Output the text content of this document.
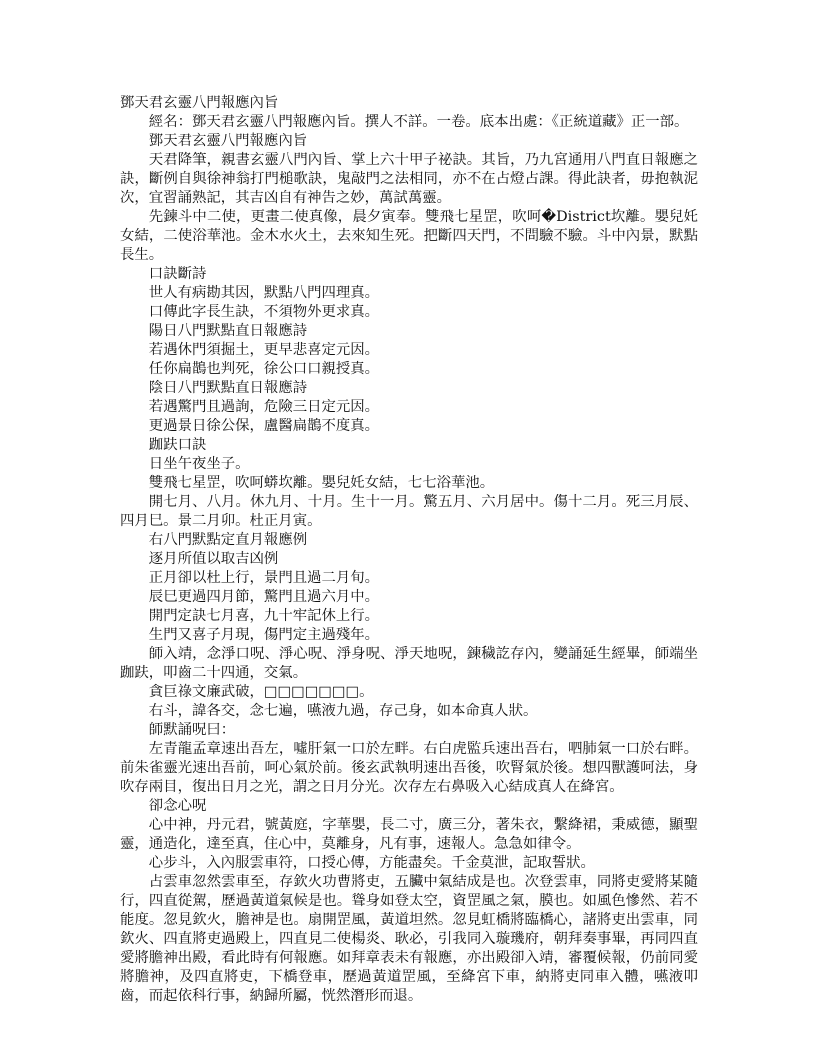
鄧天君玄靈八門報應內旨

經名：鄧天君玄靈八門報應內旨。撰人不詳。一卷。底本出處：《正統道藏》正一部。

鄧天君玄靈八門報應內旨

天君降筆，親書玄靈八門內旨、掌上六十甲子祕訣。其旨，乃九宮通用八門直日報應之訣，斷例自與徐神翁打門槌歌訣，鬼敲門之法相同，亦不在占燈占課。得此訣者，毋抱執泥次，宜習誦熟記，其吉凶自有神告之妙，萬試萬靈。

先鍊斗中二使，更畫二使真像，晨夕寅奉。雙飛七星罡，吹呵�District坎離。嬰兒奼女結，二使浴華池。金木水火土，去來知生死。把斷四天門，不問驗不驗。斗中內景，默點長生。

口訣斷詩

世人有病勘其因，默點八門四理真。

口傳此字長生訣，不須物外更求真。

陽日八門默點直日報應詩

若遇休門須掘土，更早悲喜定元因。

任你扁鵲也判死，徐公口口親授真。

陰日八門默點直日報應詩

若遇驚門且過詢，危險三日定元因。

更過景日徐公保，盧醫扁鵲不度真。

跏趺口訣

日坐午夜坐子。

雙飛七星罡，吹呵蟒坎離。嬰兒奼女結，七七浴華池。

開七月、八月。休九月、十月。生十一月。驚五月、六月居中。傷十二月。死三月辰、四月巳。景二月卯。杜正月寅。

右八門默點定直月報應例

逐月所值以取吉凶例

正月卻以杜上行，景門且過二月旬。

辰巳更過四月節，驚門且過六月中。

開門定訣七月喜，九十牢記休上行。

生門又喜子月現，傷門定主過殘年。

師入靖，念淨口呪、淨心呪、淨身呪、淨天地呪，鍊穢訖存內，變誦延生經畢，師端坐跏趺，叩齒二十四通，交氣。

貪巨祿文廉武破，□□□□□□□。

右斗，諱各交，念七遍，嚥液九過，存己身，如本命真人狀。

師默誦呪曰：

左青龍孟章速出吾左，噓肝氣一口於左畔。右白虎監兵速出吾右，呬肺氣一口於右畔。前朱雀靈光速出吾前，呵心氣於前。後玄武執明速出吾後，吹腎氣於後。想四獸護呵法，身吹存兩目，復出日月之光，謂之日月分光。次存左右鼻吸入心結成真人在絳宮。

卻念心呪

心中神，丹元君，號黃庭，字華嬰，長二寸，廣三分，著朱衣，繫絳裙，秉威德，顯聖靈，通造化，達至真，住心中，莫離身，凡有事，速報人。急急如律令。

心步斗，入內服雲車符，口授心傳，方能盡矣。千金莫泄，記取誓狀。

占雲車忽然雲車至，存欽火功曹將吏，五臟中氣結成是也。次登雲車，同將吏愛將某隨行，四直從駕，歷過黃道氣候是也。聳身如登太空，資罡風之氣，膜也。如風色慘然、若不能度。忽見欽火，膽神是也。扇開罡風，黃道坦然。忽見虹橋將臨橋心，諸將吏出雲車，同欽火、四直將吏過殿上，四直見二使楊炎、耿必，引我同入璇璣府，朝拜奏事畢，再同四直愛將膽神出殿，看此時有何報應。如拜章表未有報應，亦出殿卻入靖，審覆候報，仍前同愛將膽神，及四直將吏，下橋登車，歷過黃道罡風，至絳宮下車，納將吏同車入體，嚥液叩齒，而起依科行事，納歸所屬，恍然潛形而退。
